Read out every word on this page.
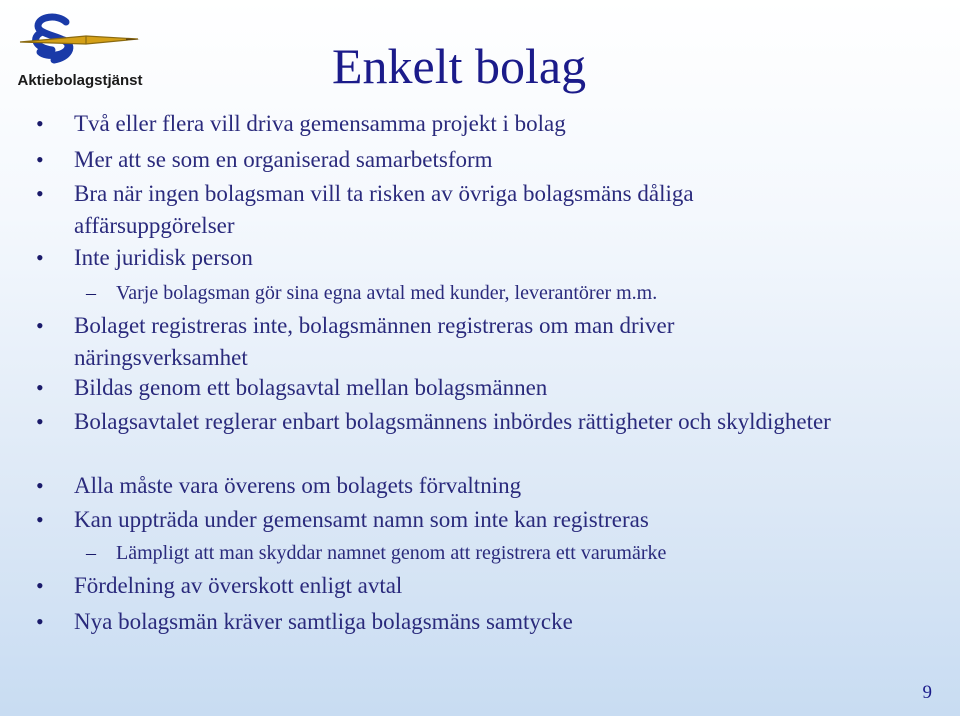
Aktiebolagstjänst	Enkelt bolag
• Två eller flera vill driva gemensamma projekt i bolag
• Mer att se som en organiserad samarbetsform
• Bra när ingen bolagsman vill ta risken av övriga bolagsmäns dåliga affärsuppgörelser
• Inte juridisk person
– Varje bolagsman gör sina egna avtal med kunder, leverantörer m.m.
• Bolaget registreras inte, bolagsmännen registreras om man driver näringsverksamhet
• Bildas genom ett bolagsavtal mellan bolagsmännen
• Bolagsavtalet reglerar enbart bolagsmännens inbördes rättigheter och skyldigheter
• Alla måste vara överens om bolagets förvaltning
• Kan uppträda under gemensamt namn som inte kan registreras
– Lämpligt att man skyddar namnet genom att registrera ett varumärke
• Fördelning av överskott enligt avtal
• Nya bolagsmän kräver samtliga bolagsmäns samtycke
9
